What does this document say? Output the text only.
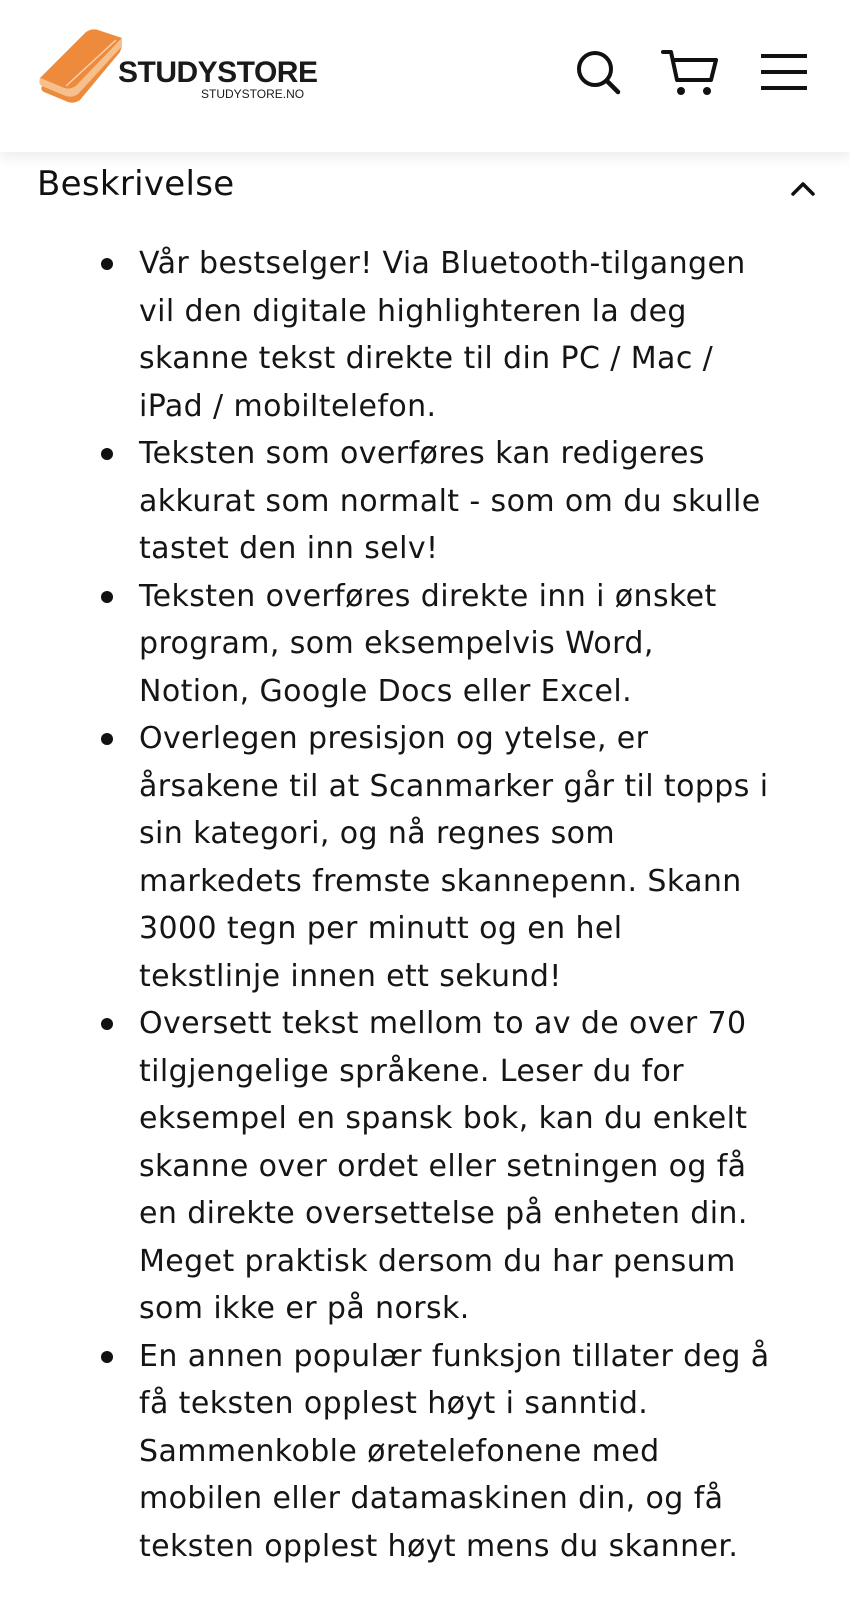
STUDYSTORE
STUDYSTORE.NO
Beskrivelse
Vår bestselger! Via Bluetooth-tilgangen vil den digitale highlighteren la deg skanne tekst direkte til din PC / Mac / iPad / mobiltelefon.
Teksten som overføres kan redigeres akkurat som normalt - som om du skulle tastet den inn selv!
Teksten overføres direkte inn i ønsket program, som eksempelvis Word, Notion, Google Docs eller Excel.
Overlegen presisjon og ytelse, er årsakene til at Scanmarker går til topps i sin kategori, og nå regnes som markedets fremste skannepenn. Skann 3000 tegn per minutt og en hel tekstlinje innen ett sekund!
Oversett tekst mellom to av de over 70 tilgjengelige språkene. Leser du for eksempel en spansk bok, kan du enkelt skanne over ordet eller setningen og få en direkte oversettelse på enheten din. Meget praktisk dersom du har pensum som ikke er på norsk.
En annen populær funksjon tillater deg å få teksten opplest høyt i sanntid. Sammenkoble øretelefonene med mobilen eller datamaskinen din, og få teksten opplest høyt mens du skanner.
